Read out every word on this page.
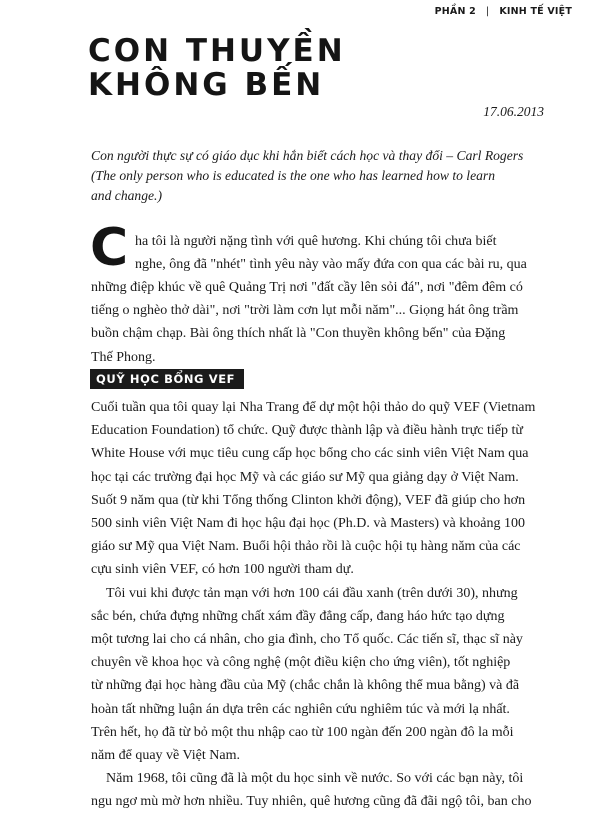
PHẦN 2 | KINH TẾ VIỆT
CON THUYỀN
KHÔNG BẾN
17.06.2013
Con người thực sự có giáo dục khi hắn biết cách học và thay đổi – Carl Rogers
(The only person who is educated is the one who has learned how to learn
and change.)
C ha tôi là người nặng tình với quê hương. Khi chúng tôi chưa biết
nghe, ông đã "nhét" tình yêu này vào mấy đứa con qua các bài ru, qua
những điệp khúc về quê Quảng Trị nơi "đất cầy lên sỏi đá", nơi "đêm đêm có
tiếng o nghèo thở dài", nơi "trời làm cơn lụt mỗi năm"... Giọng hát ông trầm
buồn chậm chạp. Bài ông thích nhất là "Con thuyền không bến" của Đặng
Thế Phong.
QUỸ HỌC BỔNG VEF
Cuối tuần qua tôi quay lại Nha Trang để dự một hội thảo do quỹ VEF (Vietnam
Education Foundation) tổ chức. Quỹ được thành lập và điều hành trực tiếp từ
White House với mục tiêu cung cấp học bổng cho các sinh viên Việt Nam qua
học tại các trường đại học Mỹ và các giáo sư Mỹ qua giảng dạy ở Việt Nam.
Suốt 9 năm qua (từ khi Tổng thống Clinton khởi động), VEF đã giúp cho hơn
500 sinh viên Việt Nam đi học hậu đại học (Ph.D. và Masters) và khoảng 100
giáo sư Mỹ qua Việt Nam. Buổi hội thảo rồi là cuộc hội tụ hàng năm của các
cựu sinh viên VEF, có hơn 100 người tham dự.
Tôi vui khi được tản mạn với hơn 100 cái đầu xanh (trên dưới 30), nhưng
sắc bén, chứa đựng những chất xám đầy đẳng cấp, đang háo hức tạo dựng
một tương lai cho cá nhân, cho gia đình, cho Tổ quốc. Các tiến sĩ, thạc sĩ này
chuyên về khoa học và công nghệ (một điều kiện cho ứng viên), tốt nghiệp
từ những đại học hàng đầu của Mỹ (chắc chắn là không thể mua bằng) và đã
hoàn tất những luận án dựa trên các nghiên cứu nghiêm túc và mới lạ nhất.
Trên hết, họ đã từ bỏ một thu nhập cao từ 100 ngàn đến 200 ngàn đô la mỗi
năm để quay về Việt Nam.
Năm 1968, tôi cũng đã là một du học sinh về nước. So với các bạn này, tôi
ngu ngơ mù mờ hơn nhiều. Tuy nhiên, quê hương cũng đã đãi ngộ tôi, ban cho
